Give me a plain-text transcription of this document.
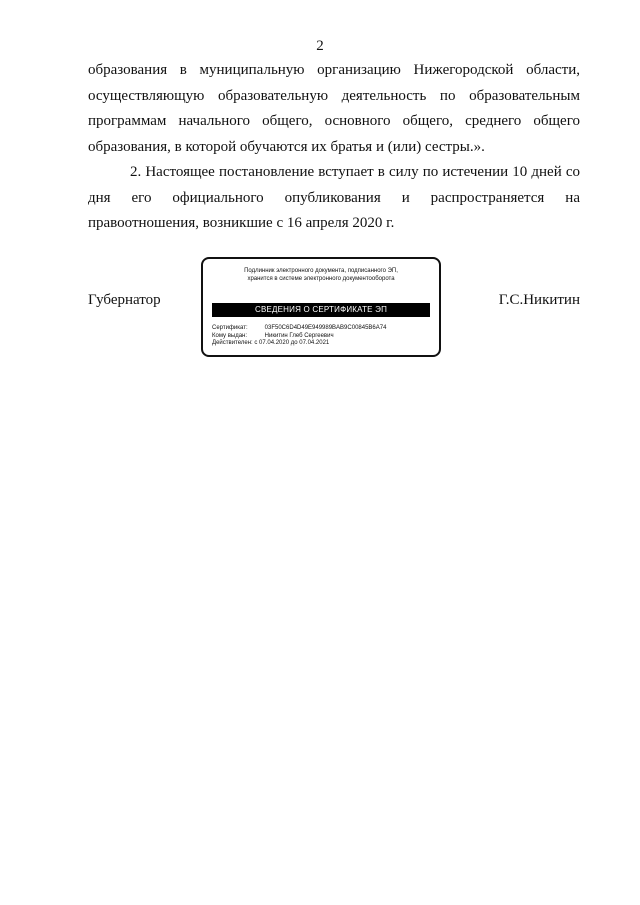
2

образования в муниципальную организацию Нижегородской области, осуществляющую образовательную деятельность по образовательным программам начального общего, основного общего, среднего общего образования, в которой обучаются их братья и (или) сестры.».

2. Настоящее постановление вступает в силу по истечении 10 дней со дня его официального опубликования и распространяется на правоотношения, возникшие с 16 апреля 2020 г.

Губернатор	Г.С.Никитин
Подлинник электронного документа, подписанного ЭП,
хранится в системе электронного документооборота
СВЕДЕНИЯ О СЕРТИФИКАТЕ ЭП
Сертификат:	03F50C6D4D49E949989BAB9C00845B6A74
Кому выдан:	Никитин Глеб Сергеевич
Действителен: с 07.04.2020 до 07.04.2021
